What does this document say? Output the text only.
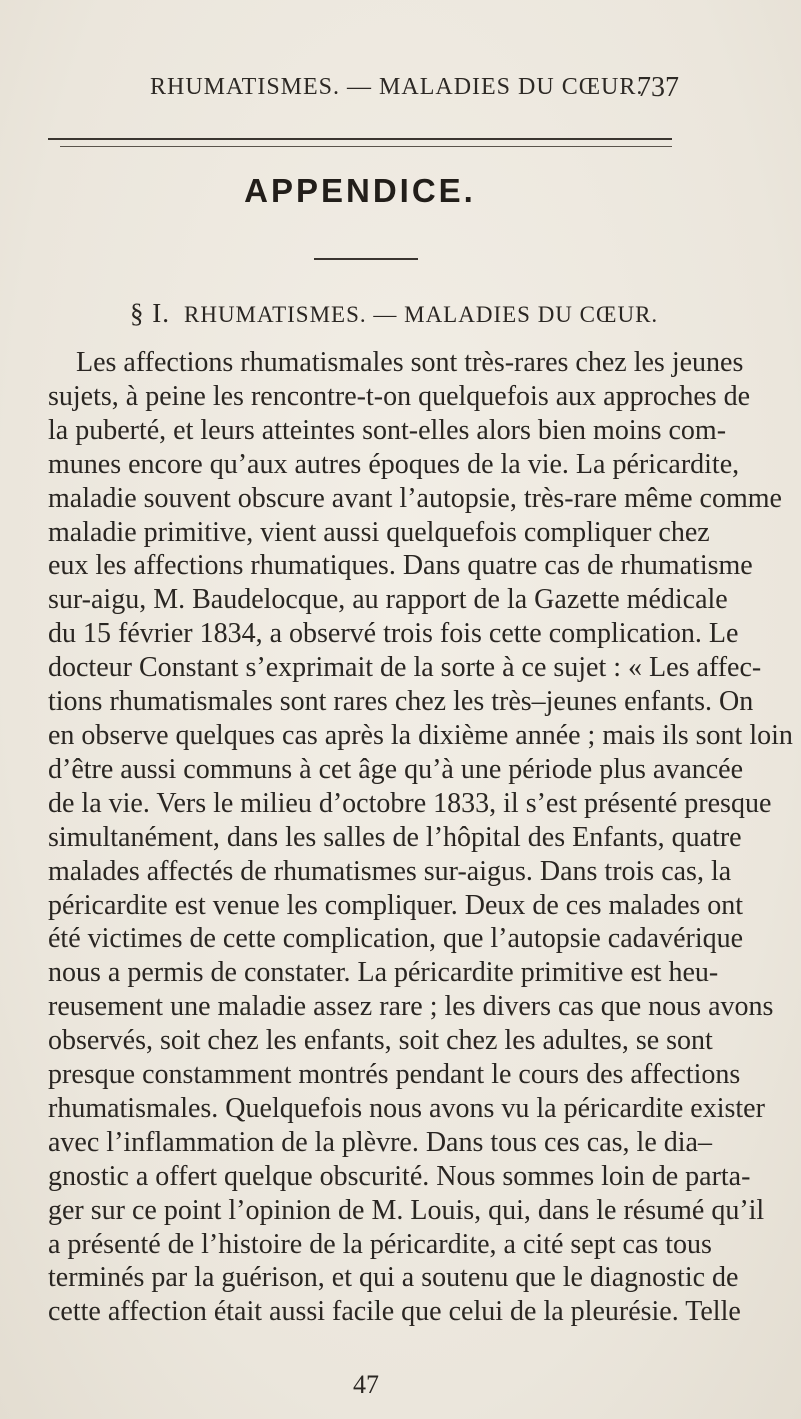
RHUMATISMES. — MALADIES DU CŒUR.
737
APPENDICE.
§ I. RHUMATISMES. — MALADIES DU CŒUR.
Les affections rhumatismales sont très-rares chez les jeunes
sujets, à peine les rencontre-t-on quelquefois aux approches de
la puberté, et leurs atteintes sont-elles alors bien moins com-
munes encore qu’aux autres époques de la vie. La péricardite,
maladie souvent obscure avant l’autopsie, très-rare même comme
maladie primitive, vient aussi quelquefois compliquer chez
eux les affections rhumatiques. Dans quatre cas de rhumatisme
sur-aigu, M. Baudelocque, au rapport de la Gazette médicale
du 15 février 1834, a observé trois fois cette complication. Le
docteur Constant s’exprimait de la sorte à ce sujet : « Les affec-
tions rhumatismales sont rares chez les très–jeunes enfants. On
en observe quelques cas après la dixième année ; mais ils sont loin
d’être aussi communs à cet âge qu’à une période plus avancée
de la vie. Vers le milieu d’octobre 1833, il s’est présenté presque
simultanément, dans les salles de l’hôpital des Enfants, quatre
malades affectés de rhumatismes sur-aigus. Dans trois cas, la
péricardite est venue les compliquer. Deux de ces malades ont
été victimes de cette complication, que l’autopsie cadavérique
nous a permis de constater. La péricardite primitive est heu-
reusement une maladie assez rare ; les divers cas que nous avons
observés, soit chez les enfants, soit chez les adultes, se sont
presque constamment montrés pendant le cours des affections
rhumatismales. Quelquefois nous avons vu la péricardite exister
avec l’inflammation de la plèvre. Dans tous ces cas, le dia–
gnostic a offert quelque obscurité. Nous sommes loin de parta-
ger sur ce point l’opinion de M. Louis, qui, dans le résumé qu’il
a présenté de l’histoire de la péricardite, a cité sept cas tous
terminés par la guérison, et qui a soutenu que le diagnostic de
cette affection était aussi facile que celui de la pleurésie. Telle
47
